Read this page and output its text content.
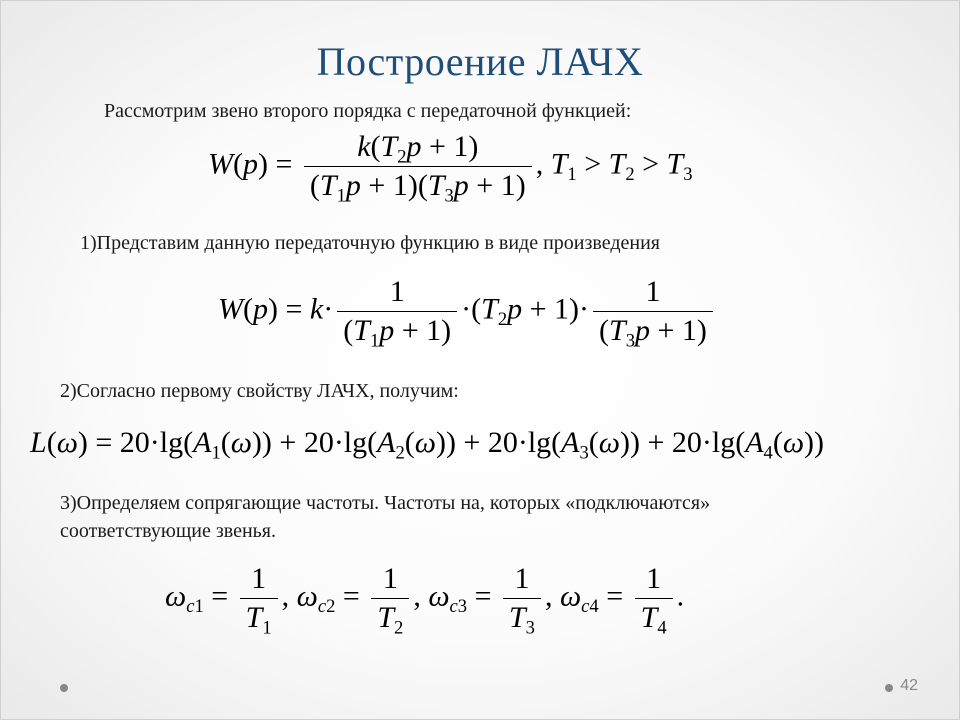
Построение ЛАЧХ
Рассмотрим звено второго порядка с передаточной функцией:
$W(p) = \frac{k(T_2p + 1)}{(T_1p + 1)(T_3p + 1)}$ , $T_1 > T_2 > T_3$
1)Представим данную передаточную функцию в виде произведения
$W(p) = k\cdot \frac{1}{(T_1p + 1)} \cdot(T_2p + 1)\cdot \frac{1}{(T_3p + 1)}$
2)Согласно первому свойству ЛАЧХ, получим:
$L(\omega) = 20\cdot\lg(A_1(\omega)) + 20\cdot\lg(A_2(\omega)) + 20\cdot\lg(A_3(\omega)) + 20\cdot\lg(A_4(\omega))$
3)Определяем сопрягающие частоты. Частоты на, которых «подключаются»
соответствующие звенья.
$\omega_{c1} = \frac{1}{T_1}$ , $\omega_{c2} = \frac{1}{T_2}$ , $\omega_{c3} = \frac{1}{T_3}$ , $\omega_{c4} = \frac{1}{T_4}$ .
42
